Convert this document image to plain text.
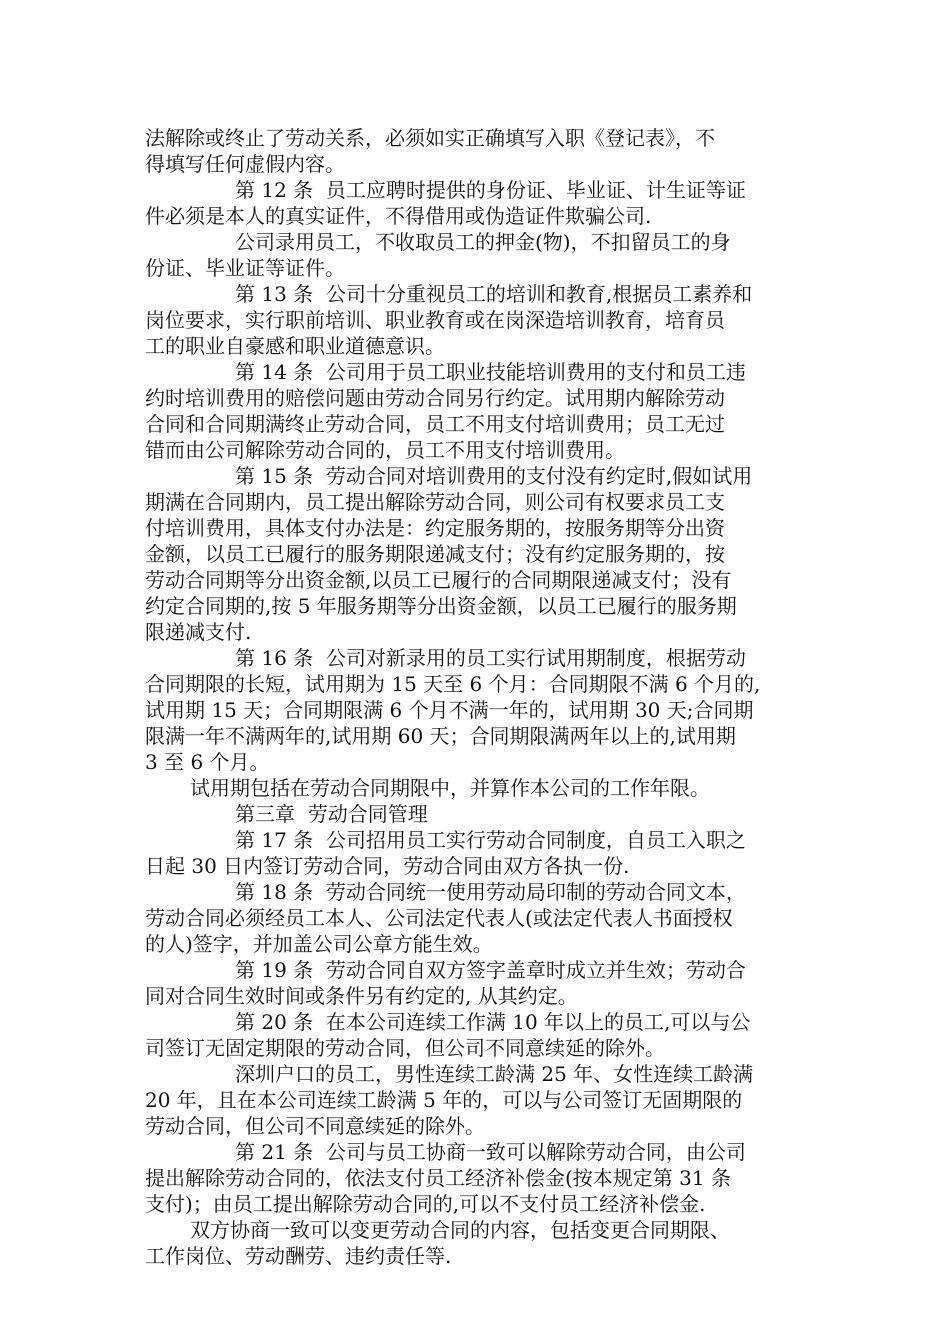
法解除或终止了劳动关系，必须如实正确填写入职《登记表》，不
得填写任何虚假内容。
第 12 条  员工应聘时提供的身份证、毕业证、计生证等证
件必须是本人的真实证件，不得借用或伪造证件欺骗公司.
公司录用员工，不收取员工的押金(物)，不扣留员工的身
份证、毕业证等证件。
第 13 条  公司十分重视员工的培训和教育,根据员工素养和
岗位要求，实行职前培训、职业教育或在岗深造培训教育，培育员
工的职业自豪感和职业道德意识。
第 14 条  公司用于员工职业技能培训费用的支付和员工违
约时培训费用的赔偿问题由劳动合同另行约定。试用期内解除劳动
合同和合同期满终止劳动合同，员工不用支付培训费用；员工无过
错而由公司解除劳动合同的，员工不用支付培训费用。
第 15 条  劳动合同对培训费用的支付没有约定时,假如试用
期满在合同期内，员工提出解除劳动合同，则公司有权要求员工支
付培训费用，具体支付办法是：约定服务期的，按服务期等分出资
金额，以员工已履行的服务期限递减支付；没有约定服务期的，按
劳动合同期等分出资金额,以员工已履行的合同期限递减支付；没有
约定合同期的,按 5 年服务期等分出资金额，以员工已履行的服务期
限递减支付.
第 16 条  公司对新录用的员工实行试用期制度，根据劳动
合同期限的长短，试用期为 15 天至 6 个月：合同期限不满 6 个月的,
试用期 15 天；合同期限满 6 个月不满一年的，试用期 30 天;合同期
限满一年不满两年的,试用期 60 天；合同期限满两年以上的,试用期
3 至 6 个月。
试用期包括在劳动合同期限中，并算作本公司的工作年限。
第三章  劳动合同管理
第 17 条  公司招用员工实行劳动合同制度，自员工入职之
日起 30 日内签订劳动合同，劳动合同由双方各执一份.
第 18 条  劳动合同统一使用劳动局印制的劳动合同文本，
劳动合同必须经员工本人、公司法定代表人(或法定代表人书面授权
的人)签字，并加盖公司公章方能生效。
第 19 条  劳动合同自双方签字盖章时成立并生效；劳动合
同对合同生效时间或条件另有约定的, 从其约定。
第 20 条  在本公司连续工作满 10 年以上的员工,可以与公
司签订无固定期限的劳动合同，但公司不同意续延的除外。
深圳户口的员工，男性连续工龄满 25 年、女性连续工龄满
20 年，且在本公司连续工龄满 5 年的，可以与公司签订无固期限的
劳动合同，但公司不同意续延的除外。
第 21 条  公司与员工协商一致可以解除劳动合同，由公司
提出解除劳动合同的，依法支付员工经济补偿金(按本规定第 31 条
支付)；由员工提出解除劳动合同的,可以不支付员工经济补偿金.
双方协商一致可以变更劳动合同的内容，包括变更合同期限、
工作岗位、劳动酬劳、违约责任等.
